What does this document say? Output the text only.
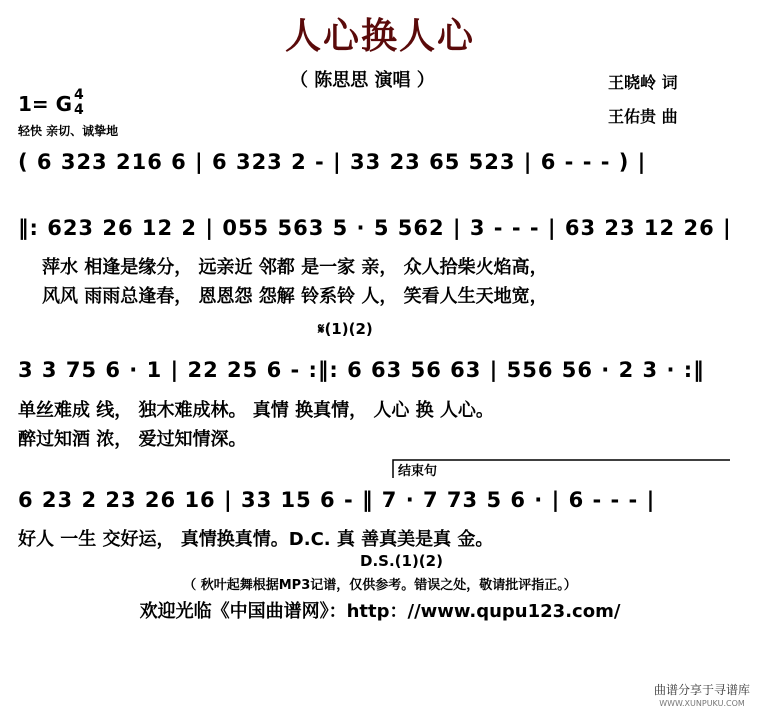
人心换人心
（ 陈思思 演唱 ）	王晓岭 词
王佑贵 曲
1= G 4
4
轻快 亲切、诚挚地
( 6 323 216 6 | 6 323 2 - | 33 23 65 523 | 6 - - - ) |
‖: 623 26 12 2 | 055 563 5 · 5 562 | 3 - - - | 63 23 12 26 |
萍水 相逢是缘分， 远亲近 邻都 是一家 亲， 众人拾柴火焰高，
风风 雨雨总逢春， 恩恩怨 怨解 铃系铃 人， 笑看人生天地宽，
𝄋(1)(2)
3 3 75 6 · 1 | 22 25 6 - :‖: 6 63 56 63 | 556 56 · 2 3 · :‖
单丝难成 线， 独木难成林。 真情 换真情， 人心 换 人心。
醉过知酒 浓， 爱过知情深。
结束句
6 23 2 23 26 16 | 33 15 6 - ‖ 7 · 7 73 5 6 · | 6 - - - |
好人 一生 交好运， 真情换真情。D.C. 真 善真美是真 金。
D.S.(1)(2)
（ 秋叶起舞根据MP3记谱，仅供参考。错误之处，敬请批评指正。）
欢迎光临《中国曲谱网》：http：//www.qupu123.com/
曲谱分享于寻谱库
WWW.XUNPUKU.COM
